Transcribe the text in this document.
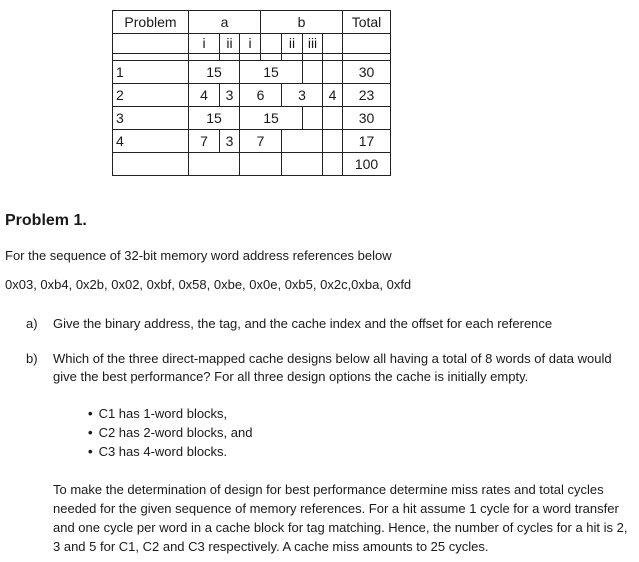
Problem	a			b				Total
	i	ii	i		ii	iii		

1	15		15					30
2	4	3	6		3		4	23
3	15		15					30
4	7	3	7					17
								100
Problem 1.

For the sequence of 32-bit memory word address references below

0x03, 0xb4, 0x2b, 0x02, 0xbf, 0x58, 0xbe, 0x0e, 0xb5, 0x2c,0xba, 0xfd

a) Give the binary address, the tag, and the cache index and the offset for each reference
b) Which of the three direct-mapped cache designs below all having a total of 8 words of data would give the best performance? For all three design options the cache is initially empty.
• C1 has 1-word blocks,
• C2 has 2-word blocks, and
• C3 has 4-word blocks.

To make the determination of design for best performance determine miss rates and total cycles needed for the given sequence of memory references. For a hit assume 1 cycle for a word transfer and one cycle per word in a cache block for tag matching. Hence, the number of cycles for a hit is 2, 3 and 5 for C1, C2 and C3 respectively. A cache miss amounts to 25 cycles.
